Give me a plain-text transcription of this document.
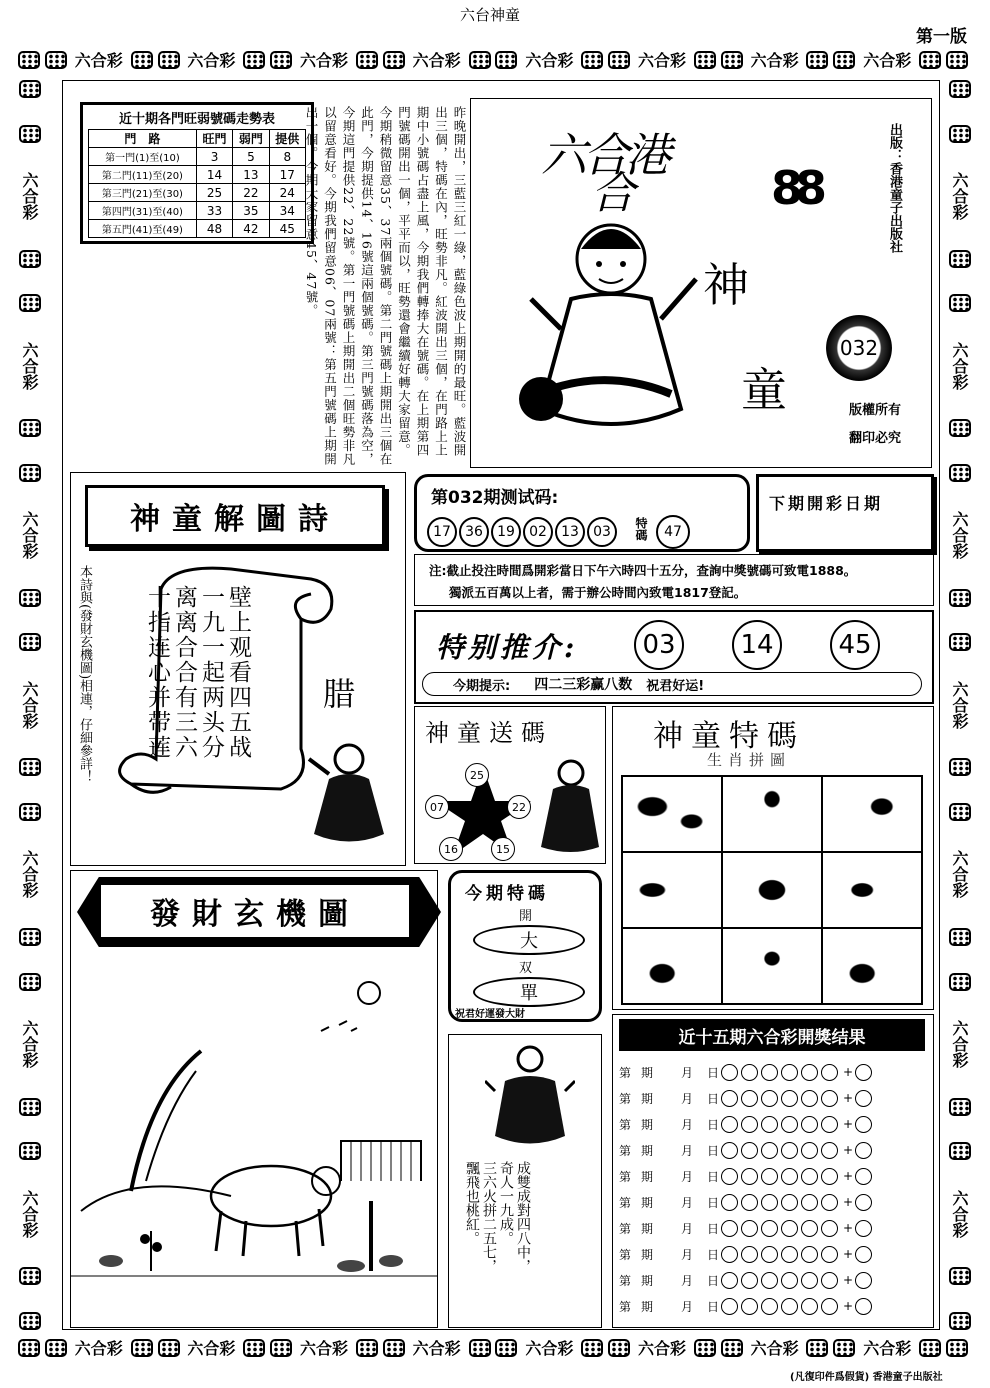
六台神童
第一版
六合彩	六合彩	六合彩	六合彩	六合彩	六合彩	六合彩	六合彩
六合彩	六合彩	六合彩	六合彩	六合彩	六合彩	六合彩	六合彩
六合彩
六合彩
六合彩
六合彩
六合彩
六合彩
六合彩
六合彩
六合彩
六合彩
六合彩
六合彩
六合彩
六合彩
近十期各門旺弱號碼走勢表
門　路	旺門	弱門	提供
第一門(1)至(10)	3	5	8
第二門(11)至(20)	14	13	17
第三門(21)至(30)	25	22	24
第四門(31)至(40)	33	35	34
第五門(41)至(49)	48	42	45	昨晚開出，三藍三紅一綠，藍綠色波上期開的最旺。藍波開出三個，特碼在內，旺勢非凡。紅波開出三個，在門路上上期中小號碼占盡上風，今期我們轉捧大在號碼。在上期第四門號碼開出一個，平平而以，旺勢還會繼續好轉大家留意。今期稍微留意35、37兩個號碼。第二門號碼上期開出三個在此門，今期提供14、16號這兩個號碼。第三門號碼落為空，今期這門提供22、22號。第一門號碼上期開出二個旺勢非凡以留意看好。今期我們留意06、07兩號：第五門號碼上期開出一個。今期大家留意45、47號。	六合港
合	88
神
童
032
出版：香港童子出版社
版權所有
翻印必究
神童解圖詩
本詩與(發財玄機圖)相連，仔細參詳！	壁上观看四五战
一九一起两头分
离离合合有三六
十指连心并带莲	腊
第032期测试码:
17	36	19	02	13	03	特碼	47
下期開彩日期
注:截止投注時間爲開彩當日下午六時四十五分，查詢中獎號碼可致電1888。
獨派五百萬以上者，需于辦公時間內致電1817登記。
特别推介:	03	14	45
今期提示: 四二三彩赢八数 祝君好运!
神童送碼
25
07	22
16	15
神童特碼
生肖拼圖
發財玄機圖
今期特碼
開
大
双
單
祝君好運發大財
成雙成對四八中，
奇人一九成。
三六火拼二五七，
飄飛也桃紅。
近十五期六合彩開獎结果
第 期	月	日	+
第 期	月	日	+
第 期	月	日	+
第 期	月	日	+
第 期	月	日	+
第 期	月	日	+
第 期	月	日	+
第 期	月	日	+
第 期	月	日	+
第 期	月	日	+
(凡復印件爲假貨) 香港童子出版社
